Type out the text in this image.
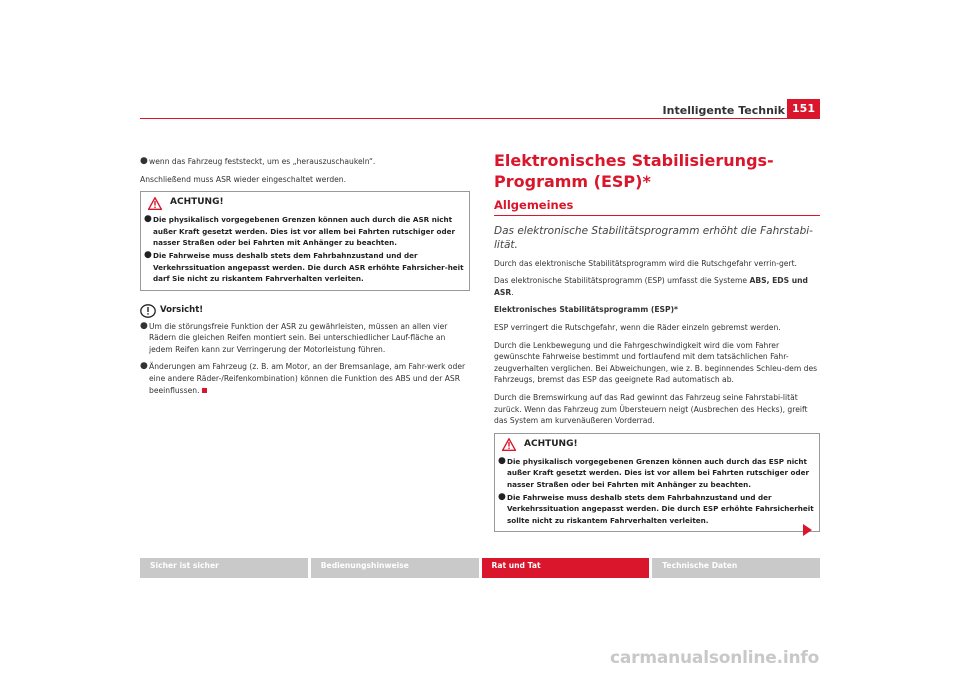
Intelligente Technik 151
● wenn das Fahrzeug feststeckt, um es „herauszuschaukeln“.

Anschließend muss ASR wieder eingeschaltet werden.

ACHTUNG!
● Die physikalisch vorgegebenen Grenzen können auch durch die ASR nicht außer Kraft gesetzt werden. Dies ist vor allem bei Fahrten rutschiger oder nasser Straßen oder bei Fahrten mit Anhänger zu beachten.
● Die Fahrweise muss deshalb stets dem Fahrbahnzustand und der Verkehrssituation angepasst werden. Die durch ASR erhöhte Fahrsicher-heit darf Sie nicht zu riskantem Fahrverhalten verleiten.
Vorsicht!
● Um die störungsfreie Funktion der ASR zu gewährleisten, müssen an allen vier Rädern die gleichen Reifen montiert sein. Bei unterschiedlicher Lauf-fläche an jedem Reifen kann zur Verringerung der Motorleistung führen.
● Änderungen am Fahrzeug (z. B. am Motor, an der Bremsanlage, am Fahr-werk oder eine andere Räder-/Reifenkombination) können die Funktion des ABS und der ASR beeinflussen.
Elektronisches Stabilisierungs-Programm (ESP)*
Allgemeines
Das elektronische Stabilitätsprogramm erhöht die Fahrstabi-lität.

Durch das elektronische Stabilitätsprogramm wird die Rutschgefahr verrin-gert.

Das elektronische Stabilitätsprogramm (ESP) umfasst die Systeme ABS, EDS und ASR.

Elektronisches Stabilitätsprogramm (ESP)*

ESP verringert die Rutschgefahr, wenn die Räder einzeln gebremst werden.

Durch die Lenkbewegung und die Fahrgeschwindigkeit wird die vom Fahrer gewünschte Fahrweise bestimmt und fortlaufend mit dem tatsächlichen Fahr-zeugverhalten verglichen. Bei Abweichungen, wie z. B. beginnendes Schleu-dem des Fahrzeugs, bremst das ESP das geeignete Rad automatisch ab.

Durch die Bremswirkung auf das Rad gewinnt das Fahrzeug seine Fahrstabi-lität zurück. Wenn das Fahrzeug zum Übersteuern neigt (Ausbrechen des Hecks), greift das System am kurvenäußeren Vorderrad.

ACHTUNG!
● Die physikalisch vorgegebenen Grenzen können auch durch das ESP nicht außer Kraft gesetzt werden. Dies ist vor allem bei Fahrten rutschiger oder nasser Straßen oder bei Fahrten mit Anhänger zu beachten.
● Die Fahrweise muss deshalb stets dem Fahrbahnzustand und der Verkehrssituation angepasst werden. Die durch ESP erhöhte Fahrsicherheit sollte nicht zu riskantem Fahrverhalten verleiten.
Sicher ist sicher	Bedienungshinweise	Rat und Tat	Technische Daten
carmanualsonline.info
